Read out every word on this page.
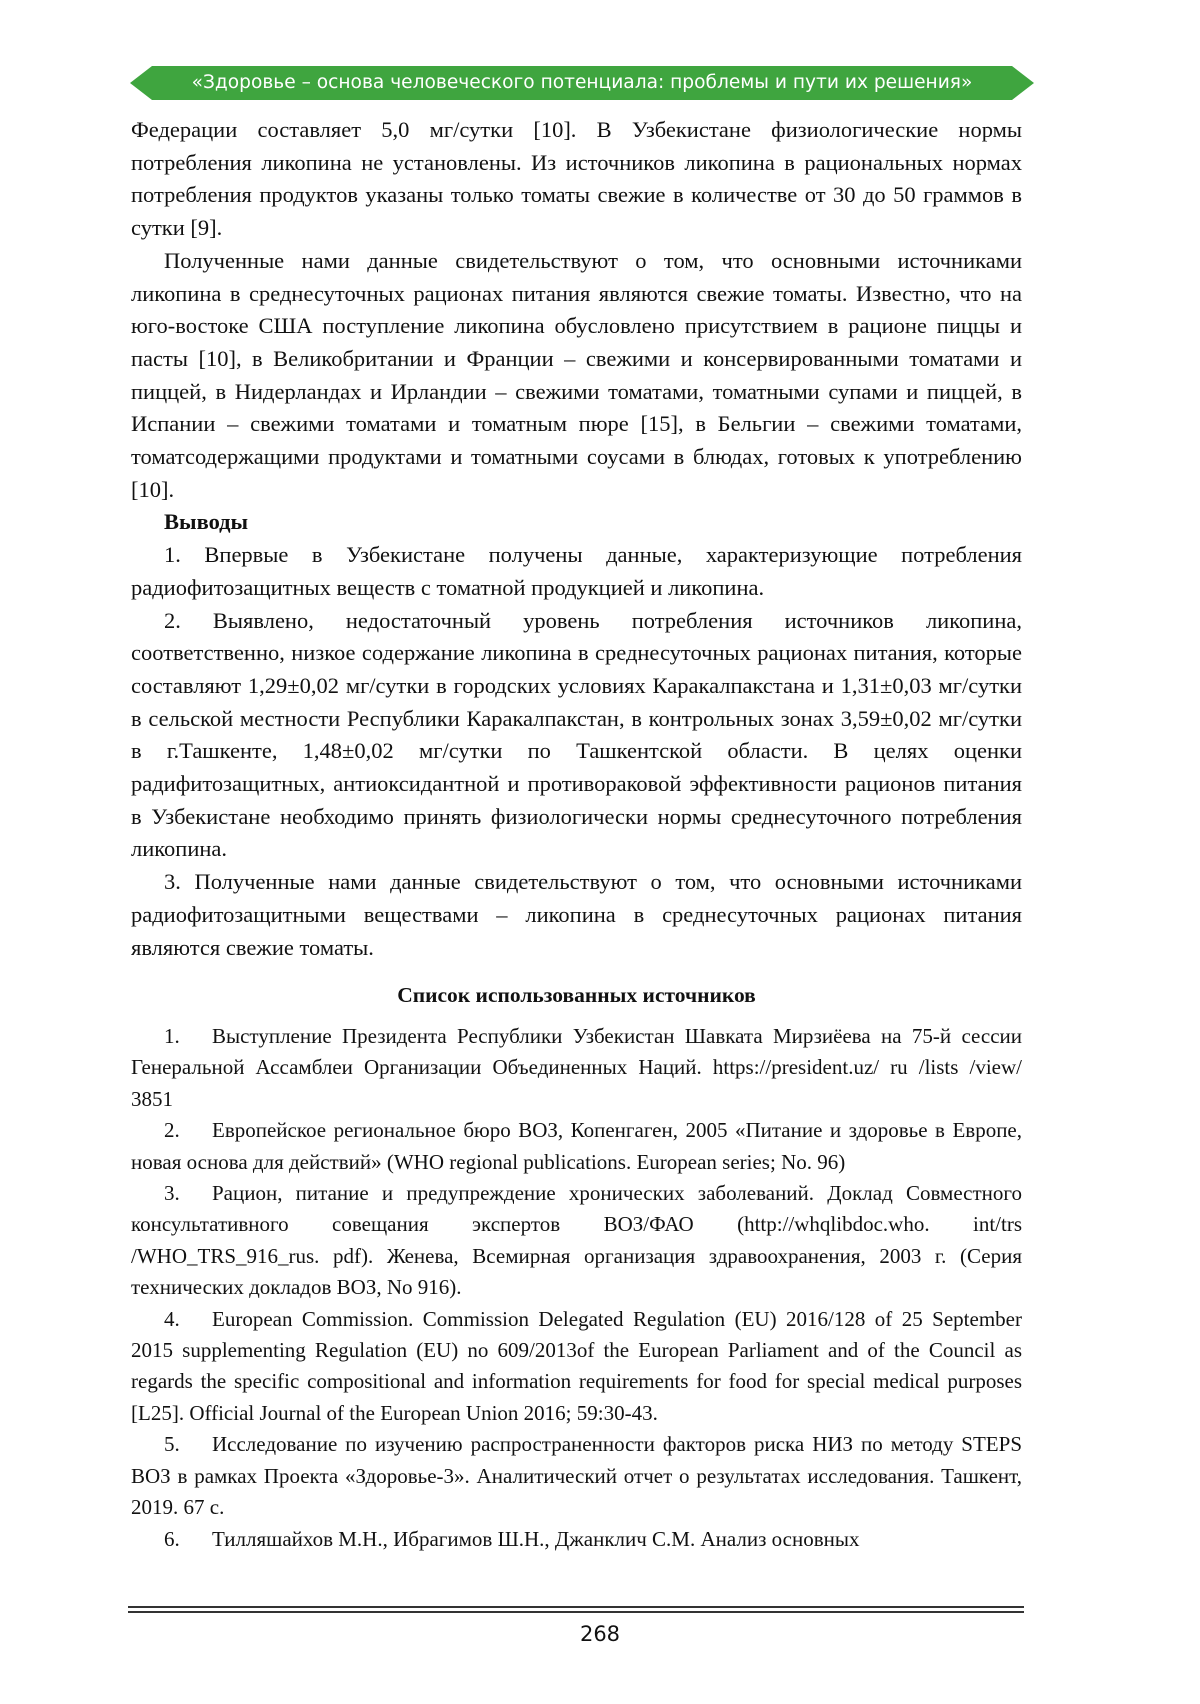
«Здоровье – основа человеческого потенциала: проблемы и пути их решения»

Федерации составляет 5,0 мг/сутки [10]. В Узбекистане физиологические нормы потребления ликопина не установлены. Из источников ликопина в рациональных нормах потребления продуктов указаны только томаты свежие в количестве от 30 до 50 граммов в сутки [9].

Полученные нами данные свидетельствуют о том, что основными источниками ликопина в среднесуточных рационах питания являются свежие томаты. Известно, что на юго-востоке США поступление ликопина обусловлено присутствием в рационе пиццы и пасты [10], в Великобритании и Франции – свежими и консервированными томатами и пиццей, в Нидерландах и Ирландии – свежими томатами, томатными супами и пиццей, в Испании – свежими томатами и томатным пюре [15], в Бельгии – свежими томатами, томатсодержащими продуктами и томатными соусами в блюдах, готовых к употреблению [10].

Выводы

1. Впервые в Узбекистане получены данные, характеризующие потребления радиофитозащитных веществ с томатной продукцией и ликопина.

2. Выявлено, недостаточный уровень потребления источников ликопина, соответственно, низкое содержание ликопина в среднесуточных рационах питания, которые составляют 1,29±0,02 мг/сутки в городских условиях Каракалпакстана и 1,31±0,03 мг/сутки в сельской местности Республики Каракалпакстан, в контрольных зонах 3,59±0,02 мг/сутки в г.Ташкенте, 1,48±0,02 мг/сутки по Ташкентской области. В целях оценки радифитозащитных, антиоксидантной и противораковой эффективности рационов питания в Узбекистане необходимо принять физиологически нормы среднесуточного потребления ликопина.

3. Полученные нами данные свидетельствуют о том, что основными источниками радиофитозащитными веществами – ликопина в среднесуточных рационах питания являются свежие томаты.

Список использованных источников

1. Выступление Президента Республики Узбекистан Шавката Мирзиёева на 75-й сессии Генеральной Ассамблеи Организации Объединенных Наций. https://president.uz/ ru /lists /view/ 3851

2. Европейское региональное бюро ВОЗ, Копенгаген, 2005 «Питание и здоровье в Европе, новая основа для действий» (WHO regional publications. European series; No. 96)

3. Рацион, питание и предупреждение хронических заболеваний. Доклад Совместного консультативного совещания экспертов ВОЗ/ФАО (http://whqlibdoc.who. int/trs /WHO_TRS_916_rus. pdf). Женева, Всемирная организация здравоохранения, 2003 г. (Серия технических докладов ВОЗ, No 916).

4. European Commission. Commission Delegated Regulation (EU) 2016/128 of 25 September 2015 supplementing Regulation (EU) no 609/2013of the European Parliament and of the Council as regards the specific compositional and information requirements for food for special medical purposes [L25]. Official Journal of the European Union 2016; 59:30-43.

5. Исследование по изучению распространенности факторов риска НИЗ по методу STEPS ВОЗ в рамках Проекта «Здоровье-3». Аналитический отчет о результатах исследования. Ташкент, 2019. 67 с.

6. Тилляшайхов М.Н., Ибрагимов Ш.Н., Джанклич С.М. Анализ основных

268
